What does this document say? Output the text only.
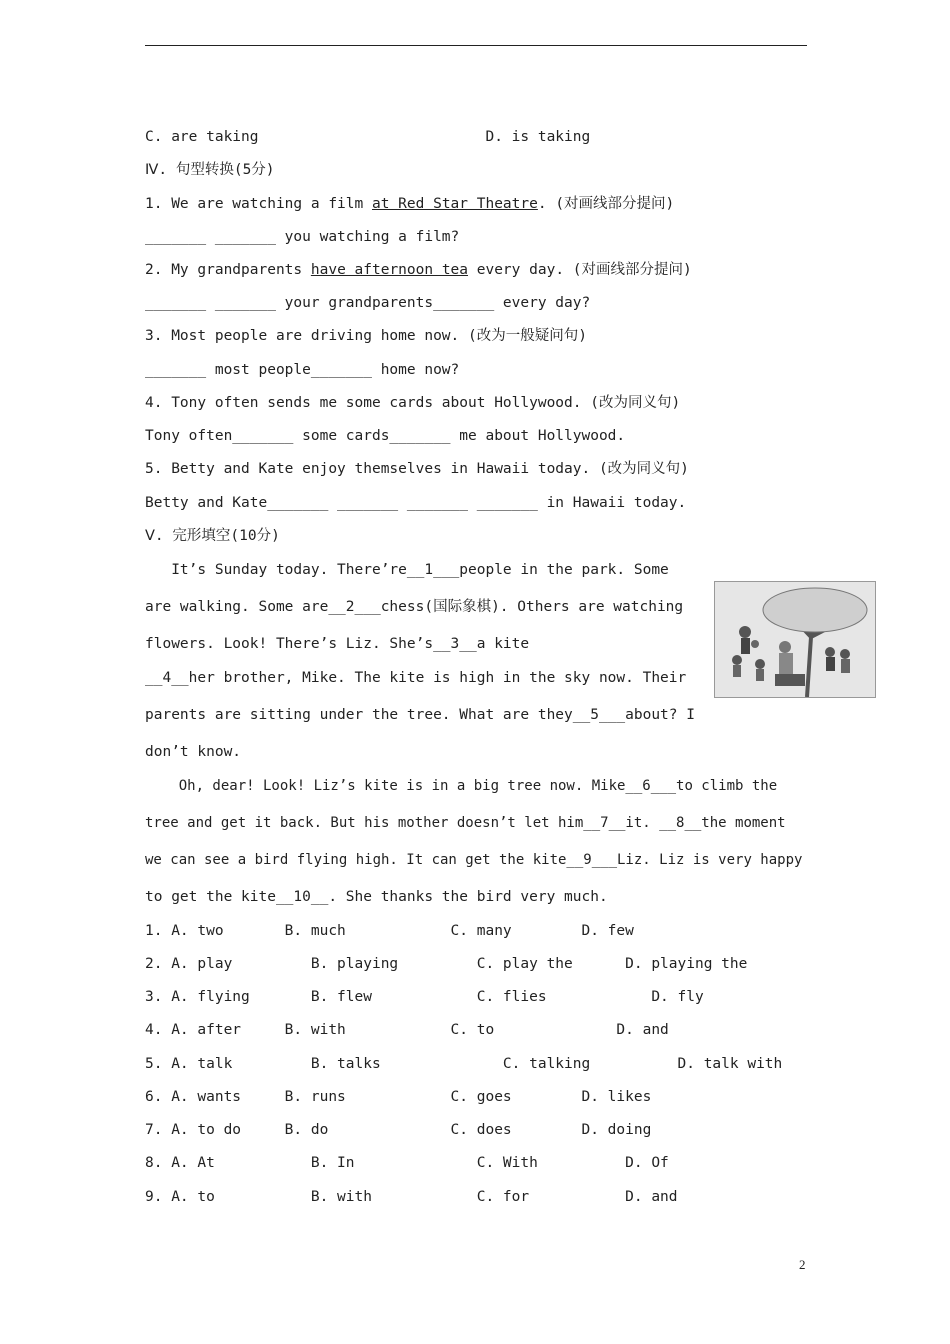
C. are taking                          D. is taking
Ⅳ. 句型转换(5分)
1. We are watching a film at Red Star Theatre. (对画线部分提问)
_______ _______ you watching a film?
2. My grandparents have afternoon tea every day. (对画线部分提问)
_______ _______ your grandparents_______ every day?
3. Most people are driving home now. (改为一般疑问句)
_______ most people_______ home now?
4. Tony often sends me some cards about Hollywood. (改为同义句)
Tony often_______ some cards_______ me about Hollywood.
5. Betty and Kate enjoy themselves in Hawaii today. (改为同义句)
Betty and Kate_______ _______ _______ _______ in Hawaii today.
Ⅴ. 完形填空(10分)
It’s Sunday today. There’re__1___people in the park. Some
are walking. Some are__2___chess(国际象棋). Others are watching
flowers. Look! There’s Liz. She’s__3__a kite
__4__her brother, Mike. The kite is high in the sky now. Their
parents are sitting under the tree. What are they__5___about? I
don’t know.
Oh, dear! Look! Liz’s kite is in a big tree now. Mike__6___to climb the
tree and get it back. But his mother doesn’t let him__7__it. __8__the moment
we can see a bird flying high. It can get the kite__9___Liz. Liz is very happy
to get the kite__10__. She thanks the bird very much.
1. A. two       B. much            C. many        D. few
2. A. play         B. playing         C. play the      D. playing the
3. A. flying       B. flew            C. flies            D. fly
4. A. after     B. with            C. to              D. and
5. A. talk         B. talks              C. talking          D. talk with
6. A. wants     B. runs            C. goes        D. likes
7. A. to do     B. do              C. does        D. doing
8. A. At           B. In              C. With          D. Of
9. A. to           B. with            C. for           D. and
2
